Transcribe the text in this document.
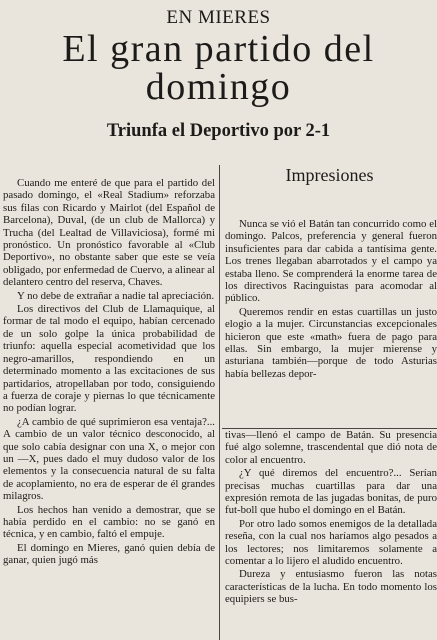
EN MIERES
El gran partido del
domingo
Triunfa el Deportivo por 2-1

Cuando me enteré de que para el partido del pasado domingo, el «Real Stadium» reforzaba sus filas con Ricardo y Mairlot (del Español de Barcelona), Duval, (de un club de Mallorca) y Trucha (del Lealtad de Villaviciosa), formé mi pronóstico. Un pronóstico favorable al «Club Deportivo», no obstante saber que este se veía obligado, por enfermedad de Cuervo, a alinear al delantero centro del reserva, Chaves.

Y no debe de extrañar a nadie tal apreciación.

Los directivos del Club de Llamaquique, al formar de tal modo el equipo, habían cercenado de un solo golpe la única probabilidad de triunfo: aquella especial acometividad que los negro-amarillos, respondiendo en un determinado momento a las excitaciones de sus partidarios, atropellaban por todo, consiguiendo a fuerza de coraje y piernas lo que técnicamente no podían lograr.

¿A cambio de qué suprimieron esa ventaja?... A cambio de un valor técnico desconocido, al que solo cabía designar con una X, o mejor con un —X, pues dado el muy dudoso valor de los elementos y la consecuencia natural de su falta de acoplamiento, no era de esperar de él grandes milagros.

Los hechos han venido a demostrar, que se había perdido en el cambio: no se ganó en técnica, y en cambio, faltó el empuje.

El domingo en Mieres, ganó quien debía de ganar, quien jugó más

Impresiones

Nunca se vió el Batán tan concurrido como el domingo. Palcos, preferencia y general fueron insuficientes para dar cabida a tantísima gente. Los trenes llegaban abarrotados y el campo ya estaba lleno. Se comprenderá la enorme tarea de los directivos Racinguistas para acomodar al público.

Queremos rendir en estas cuartillas un justo elogio a la mujer. Circunstancias excepcionales hicieron que este «math» fuera de pago para ellas. Sin embargo, la mujer mierense y asturiana también—porque de todo Asturias había bellezas depor-

tivas—llenó el campo de Batán. Su presencia fué algo solemne, trascendental que dió nota de color al encuentro.

¿Y qué diremos del encuentro?... Serían precisas muchas cuartillas para dar una expresión remota de las jugadas bonitas, de puro fut-boll que hubo el domingo en el Batán.

Por otro lado somos enemigos de la detallada reseña, con la cual nos haríamos algo pesados a los lectores; nos limitaremos solamente a comentar a lo lijero el aludido encuentro.

Dureza y entusiasmo fueron las notas características de la lucha. En todo momento los equipiers se bus-
